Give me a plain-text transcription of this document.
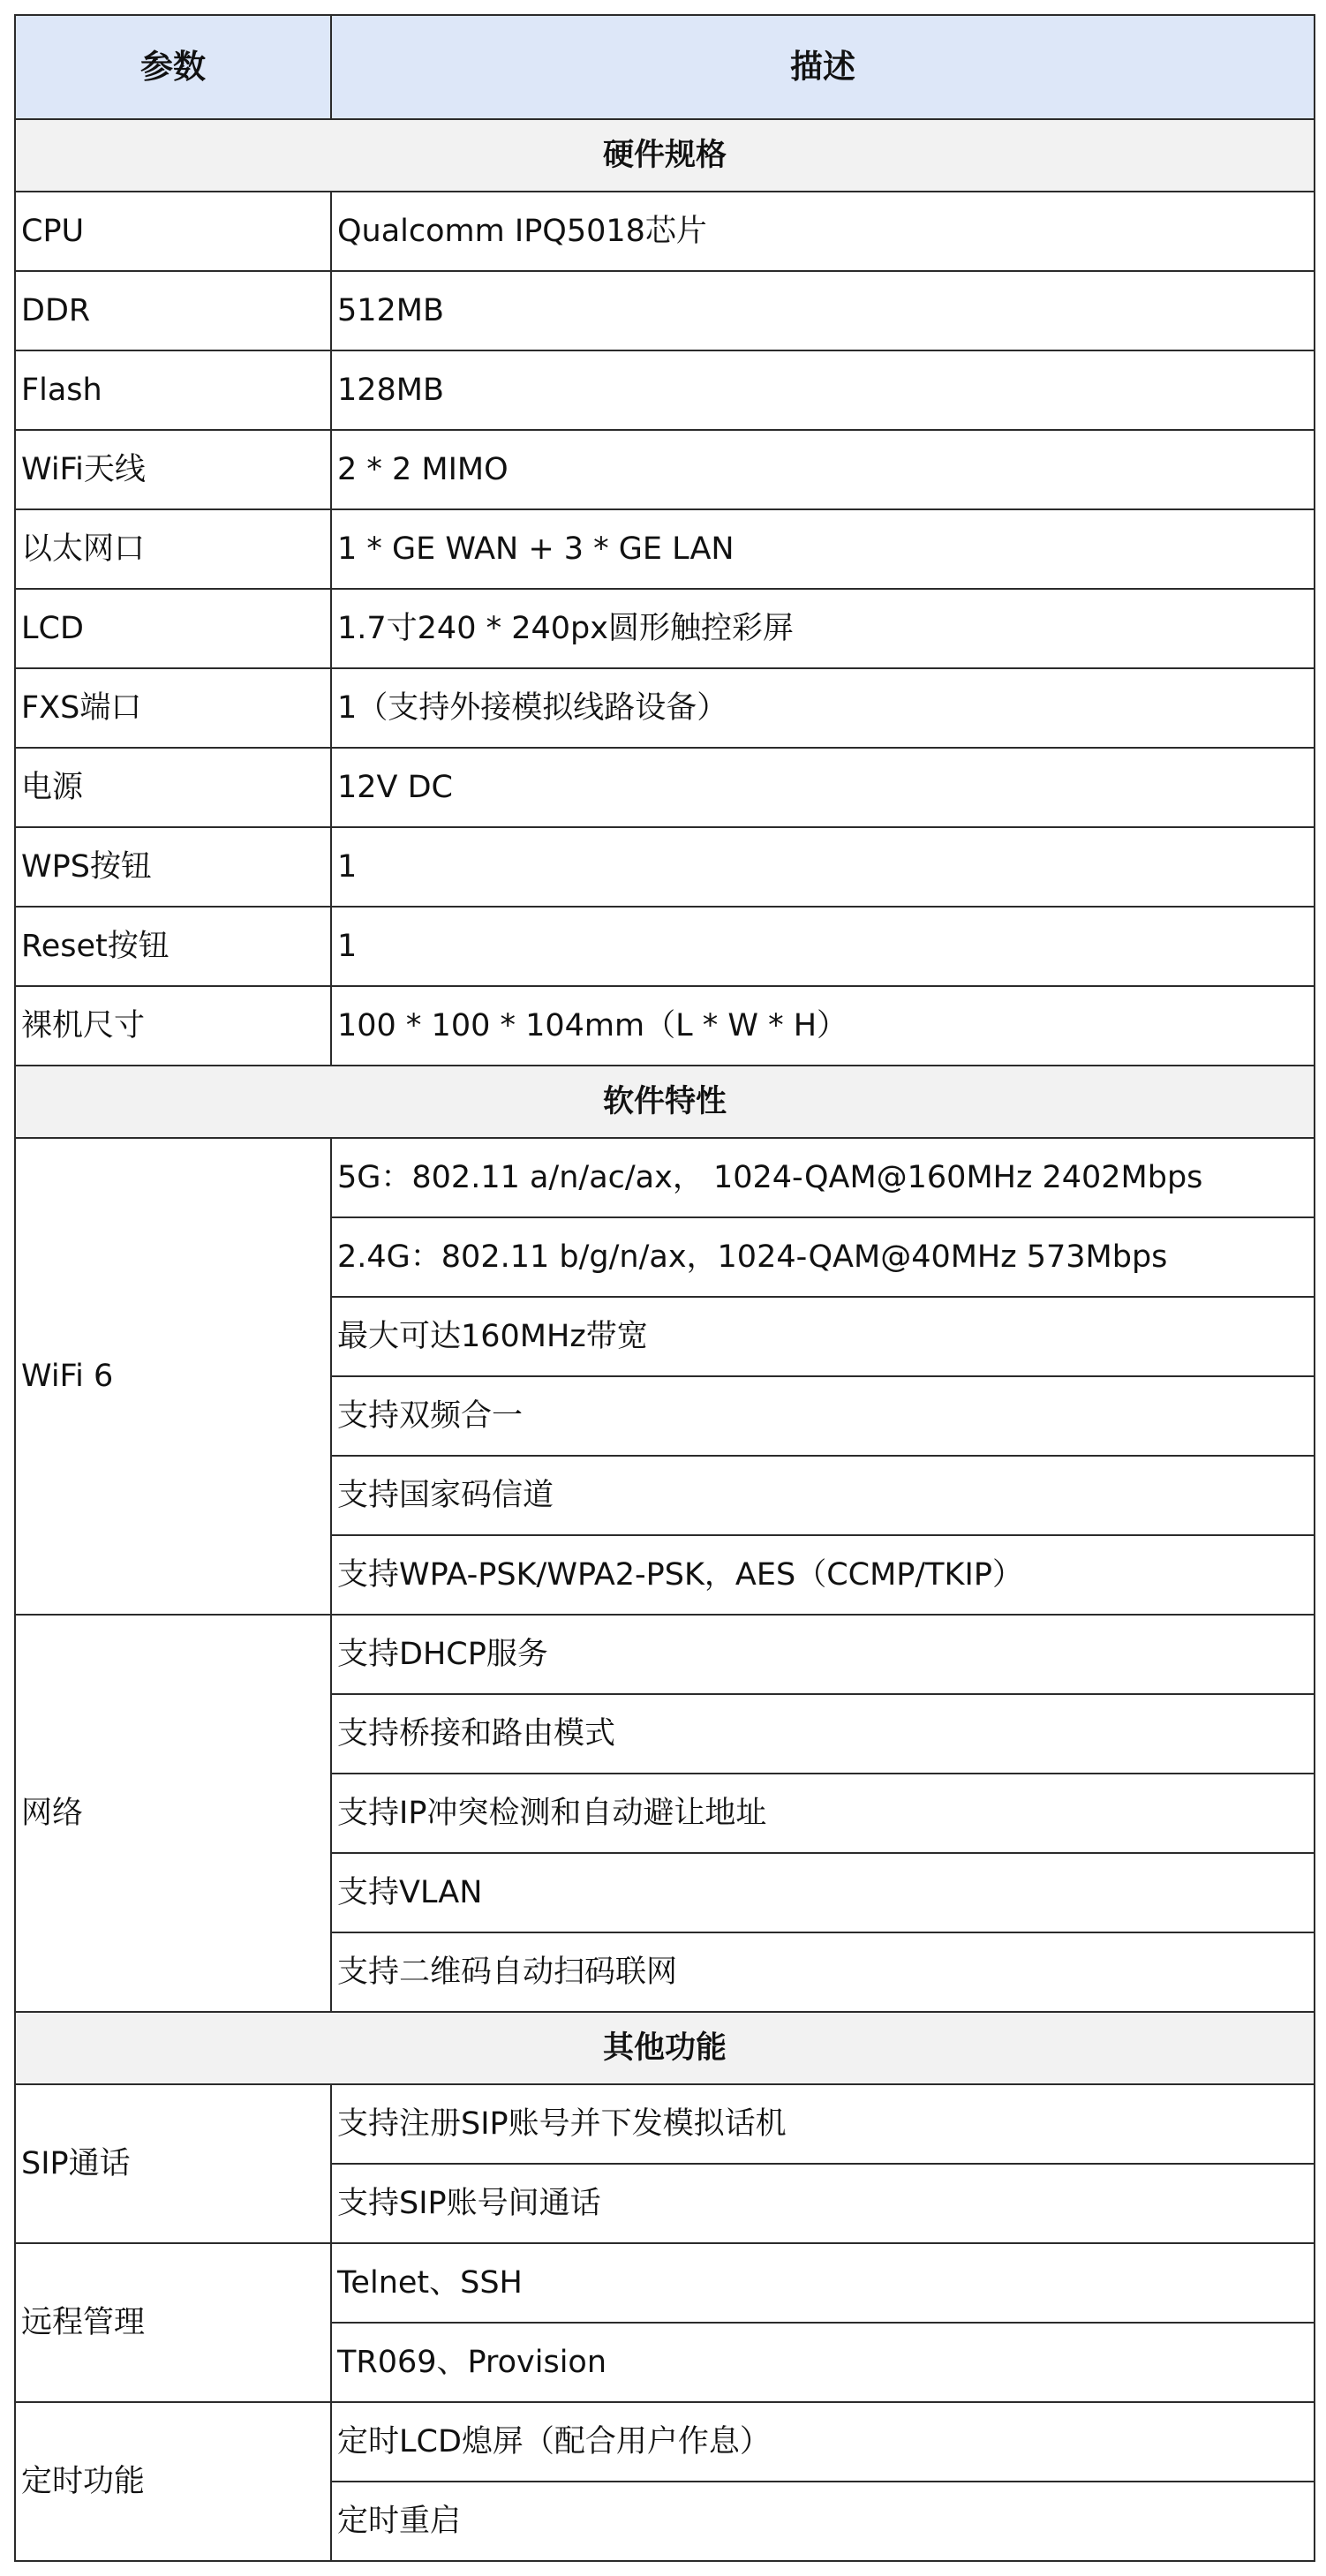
参数	描述
硬件规格	
CPU	Qualcomm IPQ5018芯片
DDR	512MB
Flash	128MB
WiFi天线	2 * 2 MIMO
以太网口	1 * GE WAN + 3 * GE LAN
LCD	1.7寸240 * 240px圆形触控彩屏
FXS端口	1（支持外接模拟线路设备）
电源	12V DC
WPS按钮	1
Reset按钮	1
裸机尺寸	100 * 100 * 104mm（L * W * H）
软件特性	
WiFi 6	5G：802.11 a/n/ac/ax， 1024-QAM@160MHz 2402Mbps
	2.4G：802.11 b/g/n/ax，1024-QAM@40MHz 573Mbps
	最大可达160MHz带宽
	支持双频合一
	支持国家码信道
	支持WPA-PSK/WPA2-PSK，AES（CCMP/TKIP）
网络	支持DHCP服务
	支持桥接和路由模式
	支持IP冲突检测和自动避让地址
	支持VLAN
	支持二维码自动扫码联网
其他功能	
SIP通话	支持注册SIP账号并下发模拟话机
	支持SIP账号间通话
远程管理	Telnet、SSH
	TR069、Provision
定时功能	定时LCD熄屏（配合用户作息）
	定时重启
